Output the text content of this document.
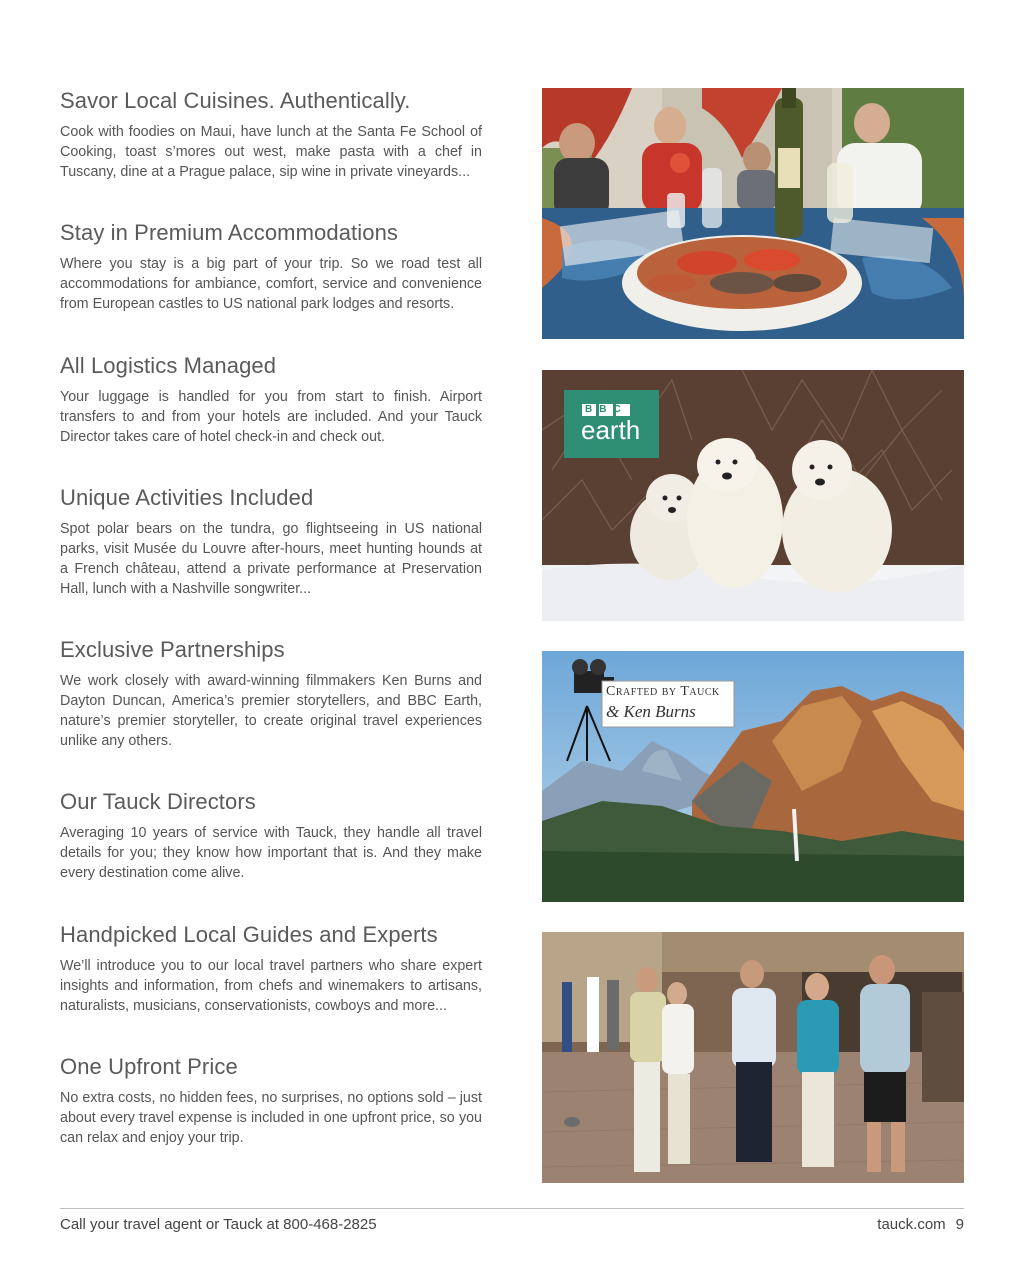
Savor Local Cuisines. Authentically.

Cook with foodies on Maui, have lunch at the Santa Fe School of Cooking, toast s’mores out west, make pasta with a chef in Tuscany, dine at a Prague palace, sip wine in private vineyards...

Stay in Premium Accommodations

Where you stay is a big part of your trip. So we road test all accommodations for ambiance, comfort, service and convenience from European castles to US national park lodges and resorts.

All Logistics Managed

Your luggage is handled for you from start to finish. Airport transfers to and from your hotels are included. And your Tauck Director takes care of hotel check-in and check out.

Unique Activities Included

Spot polar bears on the tundra, go flightseeing in US national parks, visit Musée du Louvre after-hours, meet hunting hounds at a French château, attend a private performance at Preservation Hall, lunch with a Nashville songwriter...

Exclusive Partnerships

We work closely with award-winning filmmakers Ken Burns and Dayton Duncan, America’s premier storytellers, and BBC Earth, nature’s premier storyteller, to create original travel experiences unlike any others.

Our Tauck Directors

Averaging 10 years of service with Tauck, they handle all travel details for you; they know how important that is. And they make every destination come alive.

Handpicked Local Guides and Experts

We’ll introduce you to our local travel partners who share expert insights and information, from chefs and winemakers to artisans, naturalists, musicians, conservationists, cowboys and more...

One Upfront Price

No extra costs, no hidden fees, no surprises, no options sold – just about every travel expense is included in one upfront price, so you can relax and enjoy your trip.

BBC
earth
Crafted by Tauck
& Ken Burns
Call your travel agent or Tauck at 800-468-2825	tauck.com 9
